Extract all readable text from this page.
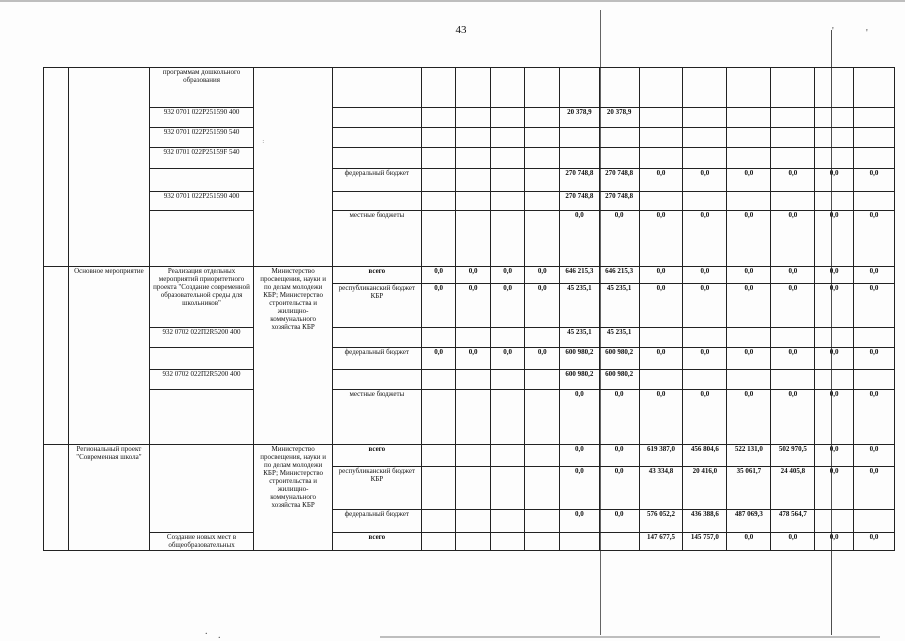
43	'	'
. .
		программам дошкольного образования	:													

		932 0701 022P251590 400							20 378,9	20 378,9						
		932 0701 022P251590 540														
		932 0701 022P25159F 540														
				федеральный бюджет					270 748,8	270 748,8	0,0	0,0	0,0	0,0	0,0	0,0
		932 0701 022P251590 400							270 748,8	270 748,8						
				местные бюджеты					0,0	0,0	0,0	0,0	0,0	0,0	0,0	0,0
	Основное мероприятие	Реализация отдельных мероприятий приоритетного проекта "Создание современной образовательной среды для школьников"	Министерство просвещения, науки и по делам молодежи КБР; Министерство строительства и жилищно-коммунального хозяйства КБР	всего	0,0	0,0	0,0	0,0	646 215,3	646 215,3	0,0	0,0	0,0	0,0	0,0	0,0
				республиканский бюджет КБР	0,0	0,0	0,0	0,0	45 235,1	45 235,1	0,0	0,0	0,0	0,0	0,0	0,0
		932 0702 022П2R5200 400							45 235,1	45 235,1						
				федеральный бюджет	0,0	0,0	0,0	0,0	600 980,2	600 980,2	0,0	0,0	0,0	0,0	0,0	0,0
		932 0702 022П2R5200 400							600 980,2	600 980,2						
				местные бюджеты					0,0	0,0	0,0	0,0	0,0	0,0	0,0	0,0
	Региональный проект "Современная школа"		Министерство просвещения, науки и по делам молодежи КБР; Министерство строительства и жилищно-коммунального хозяйства КБР	всего					0,0	0,0	619 387,0	456 804,6	522 131,0	502 970,5	0,0	0,0
				республиканский бюджет КБР					0,0	0,0	43 334,8	20 416,0	35 061,7	24 405,8	0,0	0,0
				федеральный бюджет					0,0	0,0	576 052,2	436 388,6	487 069,3	478 564,7		
		Создание новых мест в общеобразовательных		всего							147 677,5	145 757,0	0,0	0,0	0,0	0,0
